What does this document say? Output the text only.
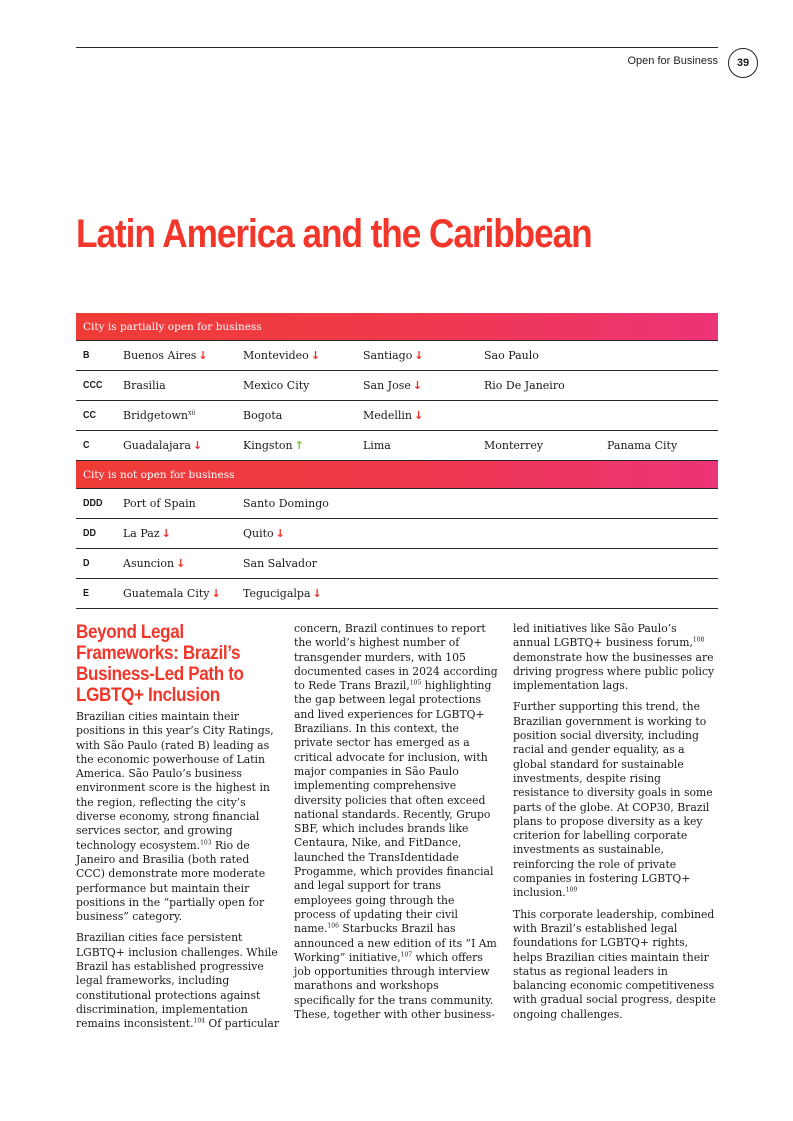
Open for Business	39
Latin America and the Caribbean
City is partially open for business
B	Buenos Aires ↓	Montevideo ↓	Santiago ↓	Sao Paulo
CCC Brasilia	Mexico City	San Jose ↓	Rio De Janeiro
CC Bridgetown$^{xii}$	Bogota	Medellin ↓
C	Guadalajara ↓	Kingston ↑	Lima	Monterrey	Panama City
City is not open for business
DDD Port of Spain	Santo Domingo
DD La Paz ↓	Quito ↓
D	Asuncion ↓	San Salvador
E	Guatemala City ↓ Tegucigalpa ↓
Beyond Legal Frameworks: Brazil’s Business-Led Path to LGBTQ+ Inclusion

Brazilian cities maintain their positions in this year’s City Ratings, with São Paulo (rated B) leading as the economic powerhouse of Latin America. São Paulo’s business environment score is the highest in the region, reflecting the city’s diverse economy, strong financial services sector, and growing technology ecosystem.$^{103}$ Rio de Janeiro and Brasilia (both rated CCC) demonstrate more moderate performance but maintain their positions in the “partially open for business” category.

Brazilian cities face persistent LGBTQ+ inclusion challenges. While Brazil has established progressive legal frameworks, including constitutional protections against discrimination, implementation remains inconsistent.$^{104}$ Of particular

concern, Brazil continues to report the world’s highest number of transgender murders, with 105 documented cases in 2024 according to Rede Trans Brazil,$^{105}$ highlighting the gap between legal protections and lived experiences for LGBTQ+ Brazilians. In this context, the private sector has emerged as a critical advocate for inclusion, with major companies in São Paulo implementing comprehensive diversity policies that often exceed national standards. Recently, Grupo SBF, which includes brands like Centaura, Nike, and FitDance, launched the TransIdentidade Progamme, which provides financial and legal support for trans employees going through the process of updating their civil name.$^{106}$ Starbucks Brazil has announced a new edition of its “I Am Working” initiative,$^{107}$ which offers job opportunities through interview marathons and workshops specifically for the trans community. These, together with other business-

led initiatives like São Paulo’s annual LGBTQ+ business forum,$^{108}$ demonstrate how the businesses are driving progress where public policy implementation lags.

Further supporting this trend, the Brazilian government is working to position social diversity, including racial and gender equality, as a global standard for sustainable investments, despite rising resistance to diversity goals in some parts of the globe. At COP30, Brazil plans to propose diversity as a key criterion for labelling corporate investments as sustainable, reinforcing the role of private companies in fostering LGBTQ+ inclusion.$^{109}$

This corporate leadership, combined with Brazil’s established legal foundations for LGBTQ+ rights, helps Brazilian cities maintain their status as regional leaders in balancing economic competitiveness with gradual social progress, despite ongoing challenges.
